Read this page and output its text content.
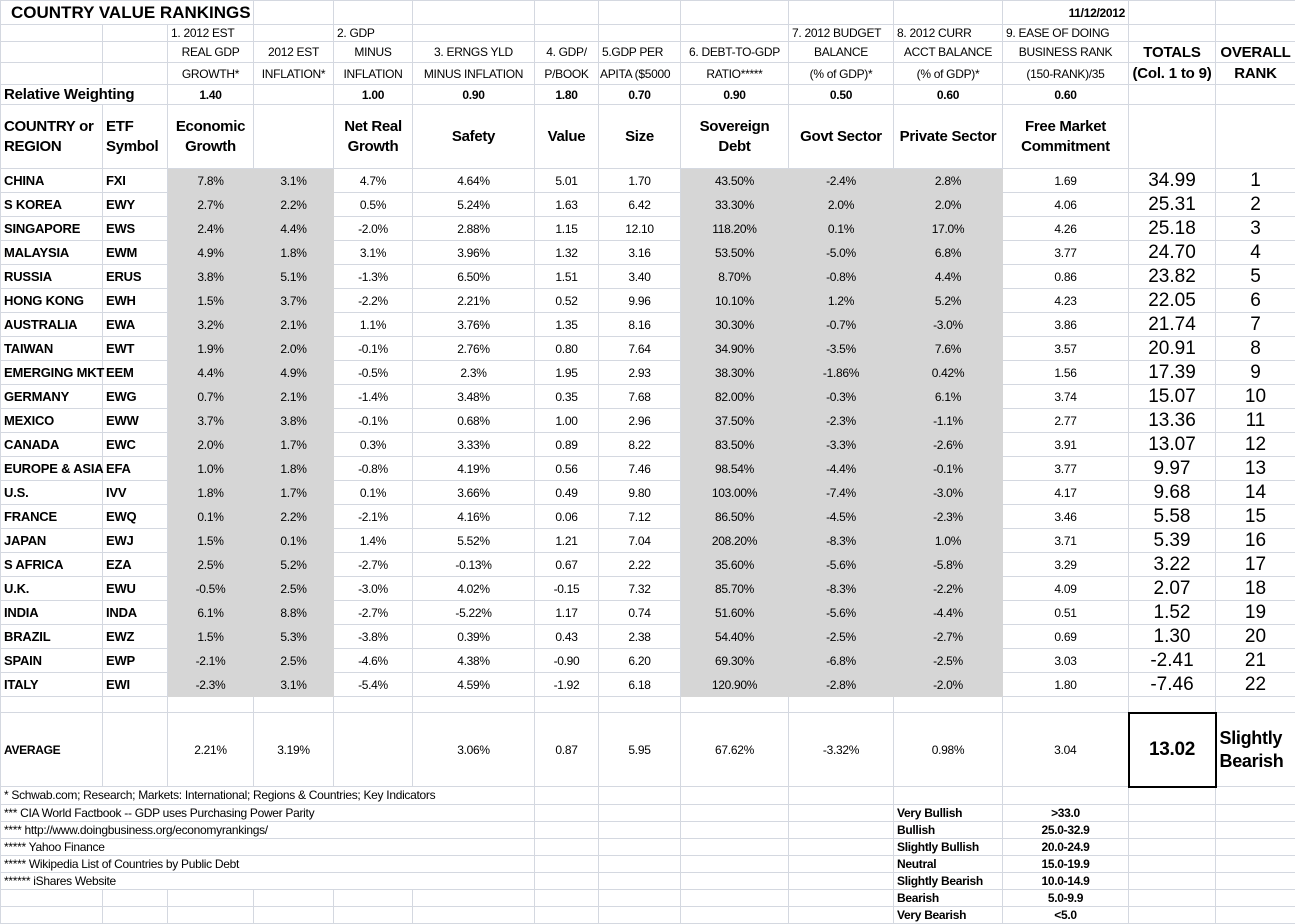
COUNTRY VALUE RANKINGS											11/12/2012		
		1. 2012 EST		2. GDP					7. 2012 BUDGET	8. 2012 CURR	9. EASE OF DOING		
		REAL GDP	2012 EST	MINUS	3. ERNGS YLD	4. GDP/	5.GDP PER	6. DEBT-TO-GDP	BALANCE	ACCT BALANCE	BUSINESS RANK	TOTALS	OVERALL
		GROWTH*	INFLATION*	INFLATION	MINUS INFLATION	P/BOOK	APITA ($5000	RATIO*****	(% of GDP)*	(% of GDP)*	(150-RANK)/35	(Col. 1 to 9)	RANK
Relative Weighting		1.40		1.00	0.90	1.80	0.70	0.90	0.50	0.60	0.60		
COUNTRY or REGION	ETF Symbol	Economic Growth		Net Real Growth	Safety	Value	Size	Sovereign Debt	Govt Sector	Private Sector	Free Market Commitment		
CHINA	FXI	7.8%	3.1%	4.7%	4.64%	5.01	1.70	43.50%	-2.4%	2.8%	1.69	34.99	1
S KOREA	EWY	2.7%	2.2%	0.5%	5.24%	1.63	6.42	33.30%	2.0%	2.0%	4.06	25.31	2
SINGAPORE	EWS	2.4%	4.4%	-2.0%	2.88%	1.15	12.10	118.20%	0.1%	17.0%	4.26	25.18	3
MALAYSIA	EWM	4.9%	1.8%	3.1%	3.96%	1.32	3.16	53.50%	-5.0%	6.8%	3.77	24.70	4
RUSSIA	ERUS	3.8%	5.1%	-1.3%	6.50%	1.51	3.40	8.70%	-0.8%	4.4%	0.86	23.82	5
HONG KONG	EWH	1.5%	3.7%	-2.2%	2.21%	0.52	9.96	10.10%	1.2%	5.2%	4.23	22.05	6
AUSTRALIA	EWA	3.2%	2.1%	1.1%	3.76%	1.35	8.16	30.30%	-0.7%	-3.0%	3.86	21.74	7
TAIWAN	EWT	1.9%	2.0%	-0.1%	2.76%	0.80	7.64	34.90%	-3.5%	7.6%	3.57	20.91	8
EMERGING MKT	EEM	4.4%	4.9%	-0.5%	2.3%	1.95	2.93	38.30%	-1.86%	0.42%	1.56	17.39	9
GERMANY	EWG	0.7%	2.1%	-1.4%	3.48%	0.35	7.68	82.00%	-0.3%	6.1%	3.74	15.07	10
MEXICO	EWW	3.7%	3.8%	-0.1%	0.68%	1.00	2.96	37.50%	-2.3%	-1.1%	2.77	13.36	11
CANADA	EWC	2.0%	1.7%	0.3%	3.33%	0.89	8.22	83.50%	-3.3%	-2.6%	3.91	13.07	12
EUROPE & ASIA	EFA	1.0%	1.8%	-0.8%	4.19%	0.56	7.46	98.54%	-4.4%	-0.1%	3.77	9.97	13
U.S.	IVV	1.8%	1.7%	0.1%	3.66%	0.49	9.80	103.00%	-7.4%	-3.0%	4.17	9.68	14
FRANCE	EWQ	0.1%	2.2%	-2.1%	4.16%	0.06	7.12	86.50%	-4.5%	-2.3%	3.46	5.58	15
JAPAN	EWJ	1.5%	0.1%	1.4%	5.52%	1.21	7.04	208.20%	-8.3%	1.0%	3.71	5.39	16
S AFRICA	EZA	2.5%	5.2%	-2.7%	-0.13%	0.67	2.22	35.60%	-5.6%	-5.8%	3.29	3.22	17
U.K.	EWU	-0.5%	2.5%	-3.0%	4.02%	-0.15	7.32	85.70%	-8.3%	-2.2%	4.09	2.07	18
INDIA	INDA	6.1%	8.8%	-2.7%	-5.22%	1.17	0.74	51.60%	-5.6%	-4.4%	0.51	1.52	19
BRAZIL	EWZ	1.5%	5.3%	-3.8%	0.39%	0.43	2.38	54.40%	-2.5%	-2.7%	0.69	1.30	20
SPAIN	EWP	-2.1%	2.5%	-4.6%	4.38%	-0.90	6.20	69.30%	-6.8%	-2.5%	3.03	-2.41	21
ITALY	EWI	-2.3%	3.1%	-5.4%	4.59%	-1.92	6.18	120.90%	-2.8%	-2.0%	1.80	-7.46	22

AVERAGE		2.21%	3.19%		3.06%	0.87	5.95	67.62%	-3.32%	0.98%	3.04	13.02	Slightly Bearish
* Schwab.com; Research; Markets: International; Regions & Countries; Key Indicators													
*** CIA World Factbook -- GDP uses Purchasing Power Parity										Very Bullish	>33.0		
**** http://www.doingbusiness.org/economyrankings/										Bullish	25.0-32.9		
***** Yahoo Finance										Slightly Bullish	20.0-24.9		
***** Wikipedia List of Countries by Public Debt										Neutral	15.0-19.9		
****** iShares Website										Slightly Bearish	10.0-14.9		
										Bearish	5.0-9.9		
										Very Bearish	<5.0		
